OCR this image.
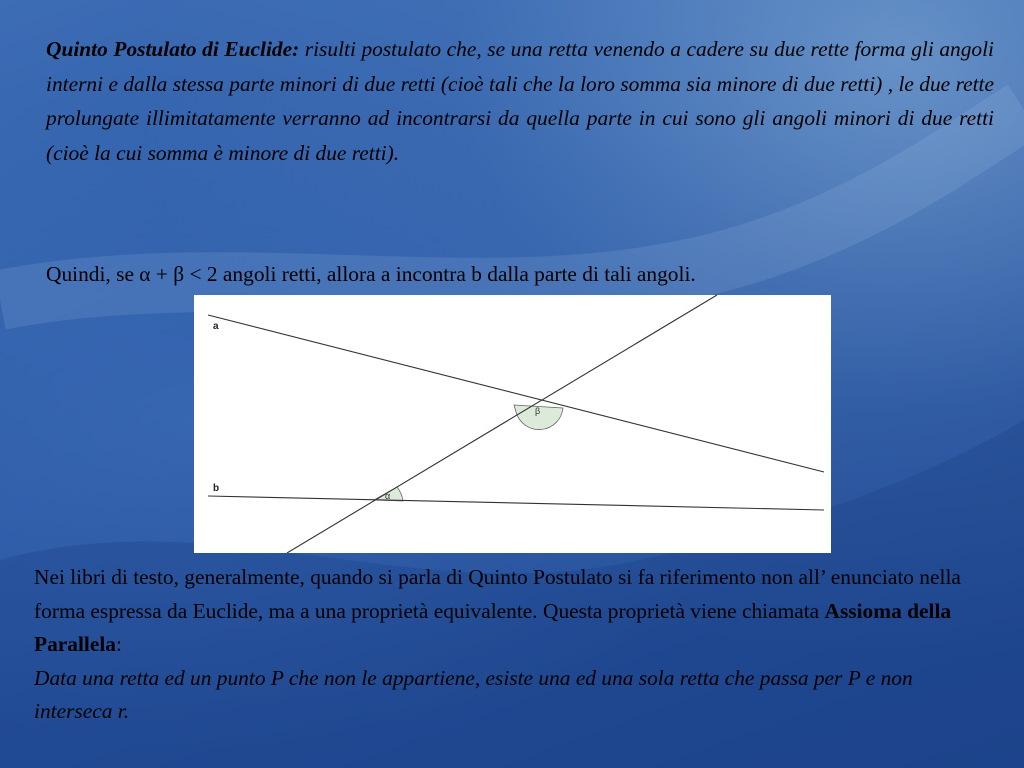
Quinto Postulato di Euclide: risulti postulato che, se una retta venendo a cadere su due rette forma gli angoli interni e dalla stessa parte minori di due retti (cioè tali che la loro somma sia minore di due retti) , le due rette prolungate illimitatamente verranno ad incontrarsi da quella parte in cui sono gli angoli minori di due retti (cioè la cui somma è minore di due retti).
Quindi, se α + β < 2 angoli retti, allora a incontra b dalla parte di tali angoli.
a
b
β
α
Nei libri di testo, generalmente, quando si parla di Quinto Postulato si fa riferimento non all’ enunciato nella forma espressa da Euclide, ma a una proprietà equivalente. Questa proprietà viene chiamata Assioma della Parallela:
Data una retta ed un punto P che non le appartiene, esiste una ed una sola retta che passa per P e non interseca r.
